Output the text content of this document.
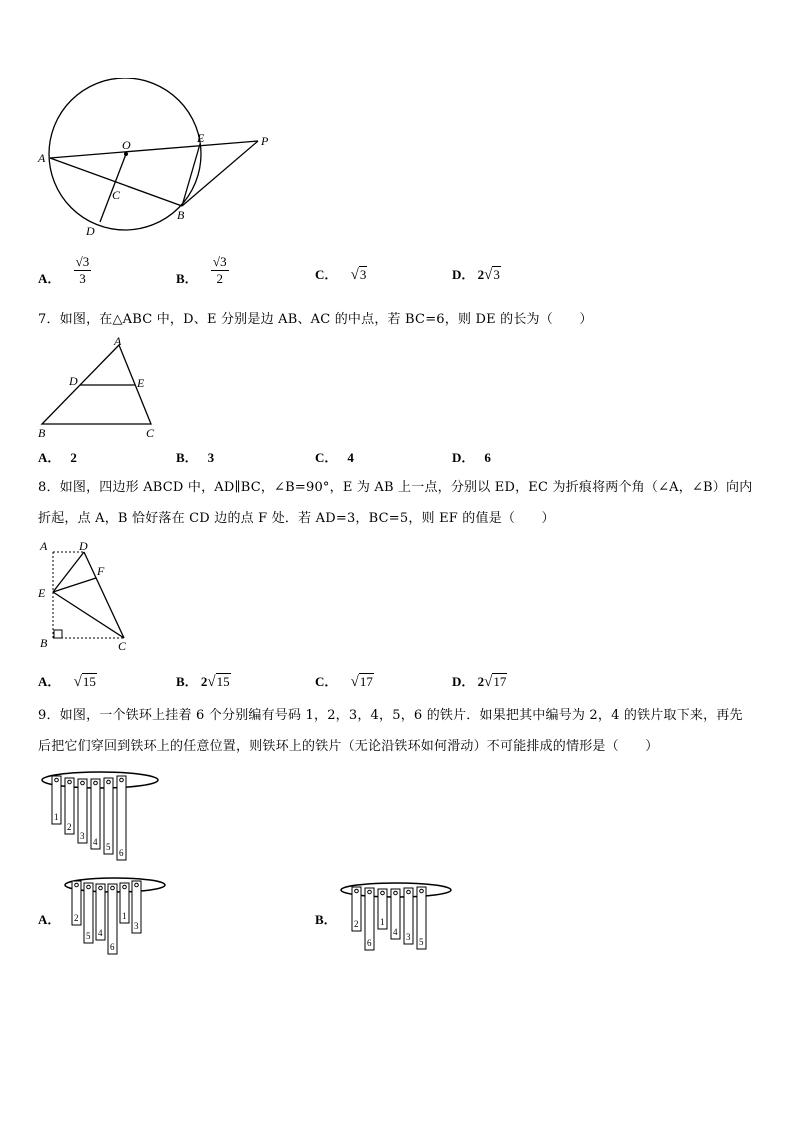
A
O	E	P
C
B
D
A． $\frac{√3}{3}$	B． $\frac{√3}{2}$	C． √3	D． 2√3
7．如图，在△ABC 中，D、E 分别是边 AB、AC 的中点，若 BC=6，则 DE 的长为（　　）
A
D	E
B	C
A． 2	B． 3	C． 4	D． 6
8．如图，四边形 ABCD 中，AD∥BC，∠B=90°，E 为 AB 上一点，分别以 ED，EC 为折痕将两个角（∠A，∠B）向内
折起，点 A，B 恰好落在 CD 边的点 F 处．若 AD=3，BC=5，则 EF 的值是（　　）
A	D
F
E
B	C
A． √15	B． 2√15	C． √17	D． 2√17
9．如图，一个铁环上挂着 6 个分别编有号码 1，2，3，4，5，6 的铁片．如果把其中编号为 2，4 的铁片取下来，再先
后把它们穿回到铁环上的任意位置，则铁环上的铁片（无论沿铁环如何滑动）不可能排成的情形是（　　）
1
2
3
4 5
6
A． 2
5 4
6
1
3	B． 2
6
1
4 3 5
